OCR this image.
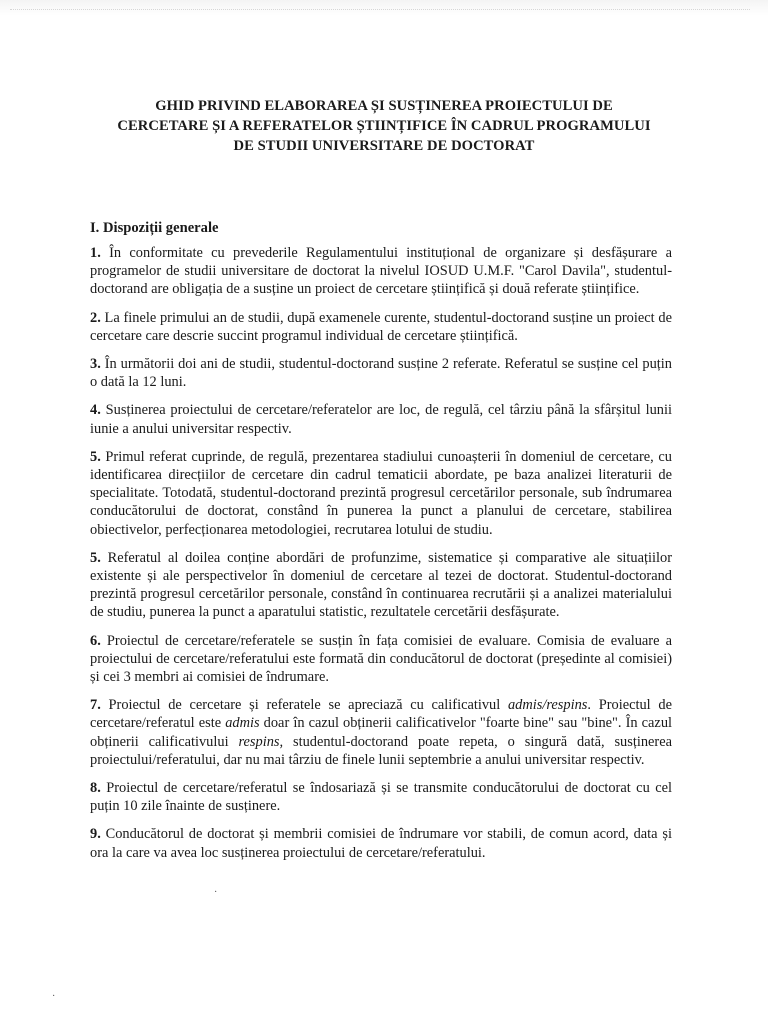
GHID PRIVIND ELABORAREA ȘI SUSȚINEREA PROIECTULUI DE
CERCETARE ȘI A REFERATELOR ȘTIINȚIFICE ÎN CADRUL PROGRAMULUI
DE STUDII UNIVERSITARE DE DOCTORAT
I. Dispoziții generale

1. În conformitate cu prevederile Regulamentului instituțional de organizare și desfășurare a programelor de studii universitare de doctorat la nivelul IOSUD U.M.F. "Carol Davila", studentul-doctorand are obligația de a susține un proiect de cercetare științifică și două referate științifice.

2. La finele primului an de studii, după examenele curente, studentul-doctorand susține un proiect de cercetare care descrie succint programul individual de cercetare științifică.

3. În următorii doi ani de studii, studentul-doctorand susține 2 referate. Referatul se susține cel puțin o dată la 12 luni.

4. Susținerea proiectului de cercetare/referatelor are loc, de regulă, cel târziu până la sfârșitul lunii iunie a anului universitar respectiv.

5. Primul referat cuprinde, de regulă, prezentarea stadiului cunoașterii în domeniul de cercetare, cu identificarea direcțiilor de cercetare din cadrul tematicii abordate, pe baza analizei literaturii de specialitate. Totodată, studentul-doctorand prezintă progresul cercetărilor personale, sub îndrumarea conducătorului de doctorat, constând în punerea la punct a planului de cercetare, stabilirea obiectivelor, perfecționarea metodologiei, recrutarea lotului de studiu.

5. Referatul al doilea conține abordări de profunzime, sistematice și comparative ale situațiilor existente și ale perspectivelor în domeniul de cercetare al tezei de doctorat. Studentul-doctorand prezintă progresul cercetărilor personale, constând în continuarea recrutării și a analizei materialului de studiu, punerea la punct a aparatului statistic, rezultatele cercetării desfășurate.

6. Proiectul de cercetare/referatele se susțin în fața comisiei de evaluare. Comisia de evaluare a proiectului de cercetare/referatului este formată din conducătorul de doctorat (președinte al comisiei) și cei 3 membri ai comisiei de îndrumare.

7. Proiectul de cercetare și referatele se apreciază cu calificativul admis/respins. Proiectul de cercetare/referatul este admis doar în cazul obținerii calificativelor "foarte bine" sau "bine". În cazul obținerii calificativului respins, studentul-doctorand poate repeta, o singură dată, susținerea proiectului/referatului, dar nu mai târziu de finele lunii septembrie a anului universitar respectiv.

8. Proiectul de cercetare/referatul se îndosariază și se transmite conducătorului de doctorat cu cel puțin 10 zile înainte de susținere.

9. Conducătorul de doctorat și membrii comisiei de îndrumare vor stabili, de comun acord, data și ora la care va avea loc susținerea proiectului de cercetare/referatului.

·
·
